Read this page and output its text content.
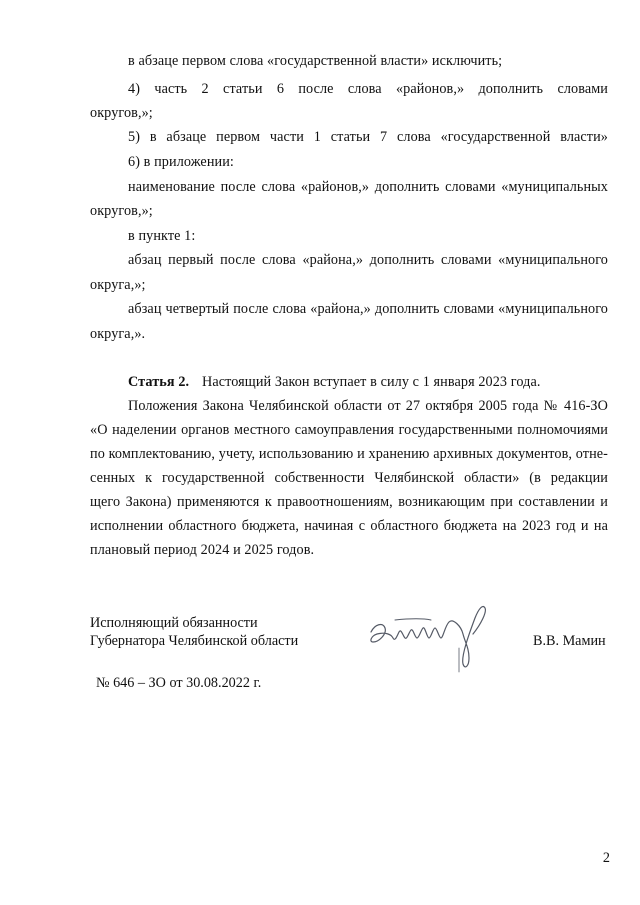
в абзаце первом слова «государственной власти» исключить;
4) часть 2 статьи 6 после слова «районов,» дополнить словами
округов,»;
5) в абзаце первом части 1 статьи 7 слова «государственной власти»
6) в приложении:
наименование после слова «районов,» дополнить словами «муниципальных
округов,»;
в пункте 1:
абзац первый после слова «района,» дополнить словами «муниципального
округа,»;
абзац четвертый после слова «района,» дополнить словами «муниципального
округа,».
Статья 2. Настоящий Закон вступает в силу с 1 января 2023 года.
Положения Закона Челябинской области от 27 октября 2005 года № 416-ЗО
«О наделении органов местного самоуправления государственными полномочиями
по комплектованию, учету, использованию и хранению архивных документов, отне-
сенных к государственной собственности Челябинской области» (в редакции
щего Закона) применяются к правоотношениям, возникающим при составлении и
исполнении областного бюджета, начиная с областного бюджета на 2023 год и на
плановый период 2024 и 2025 годов.
Исполняющий обязанности
Губернатора Челябинской области	В.В. Мамин
№ 646 – ЗО от 30.08.2022 г.
2
